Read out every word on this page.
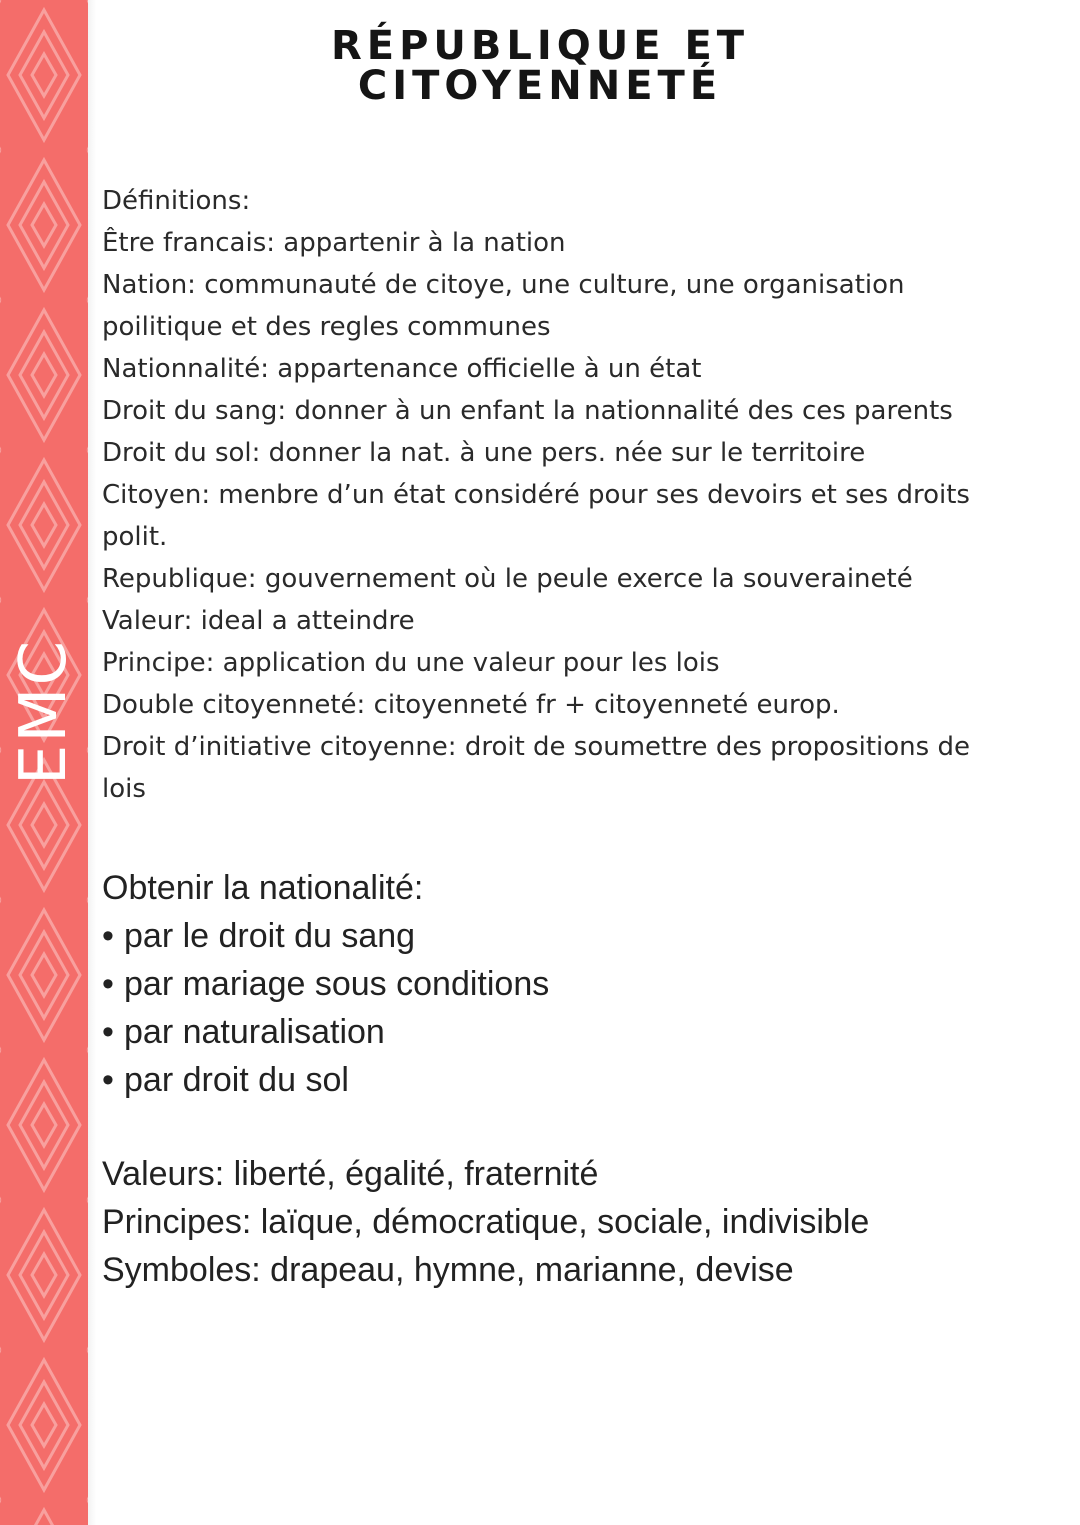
EMC
RÉPUBLIQUE ET
CITOYENNETÉ
Définitions:
Être francais: appartenir à la nation
Nation: communauté de citoye, une culture, une organisation
poilitique et des regles communes
Nationnalité: appartenance officielle à un état
Droit du sang: donner à un enfant la nationnalité des ces parents
Droit du sol: donner la nat. à une pers. née sur le territoire
Citoyen: menbre d’un état considéré pour ses devoirs et ses droits
polit.
Republique: gouvernement où le peule exerce la souveraineté
Valeur: ideal a atteindre
Principe: application du une valeur pour les lois
Double citoyenneté: citoyenneté fr + citoyenneté europ.
Droit d’initiative citoyenne: droit de soumettre des propositions de
lois
Obtenir la nationalité:
• par le droit du sang
• par mariage sous conditions
• par naturalisation
• par droit du sol
Valeurs: liberté, égalité, fraternité
Principes: laïque, démocratique, sociale, indivisible
Symboles: drapeau, hymne, marianne, devise
